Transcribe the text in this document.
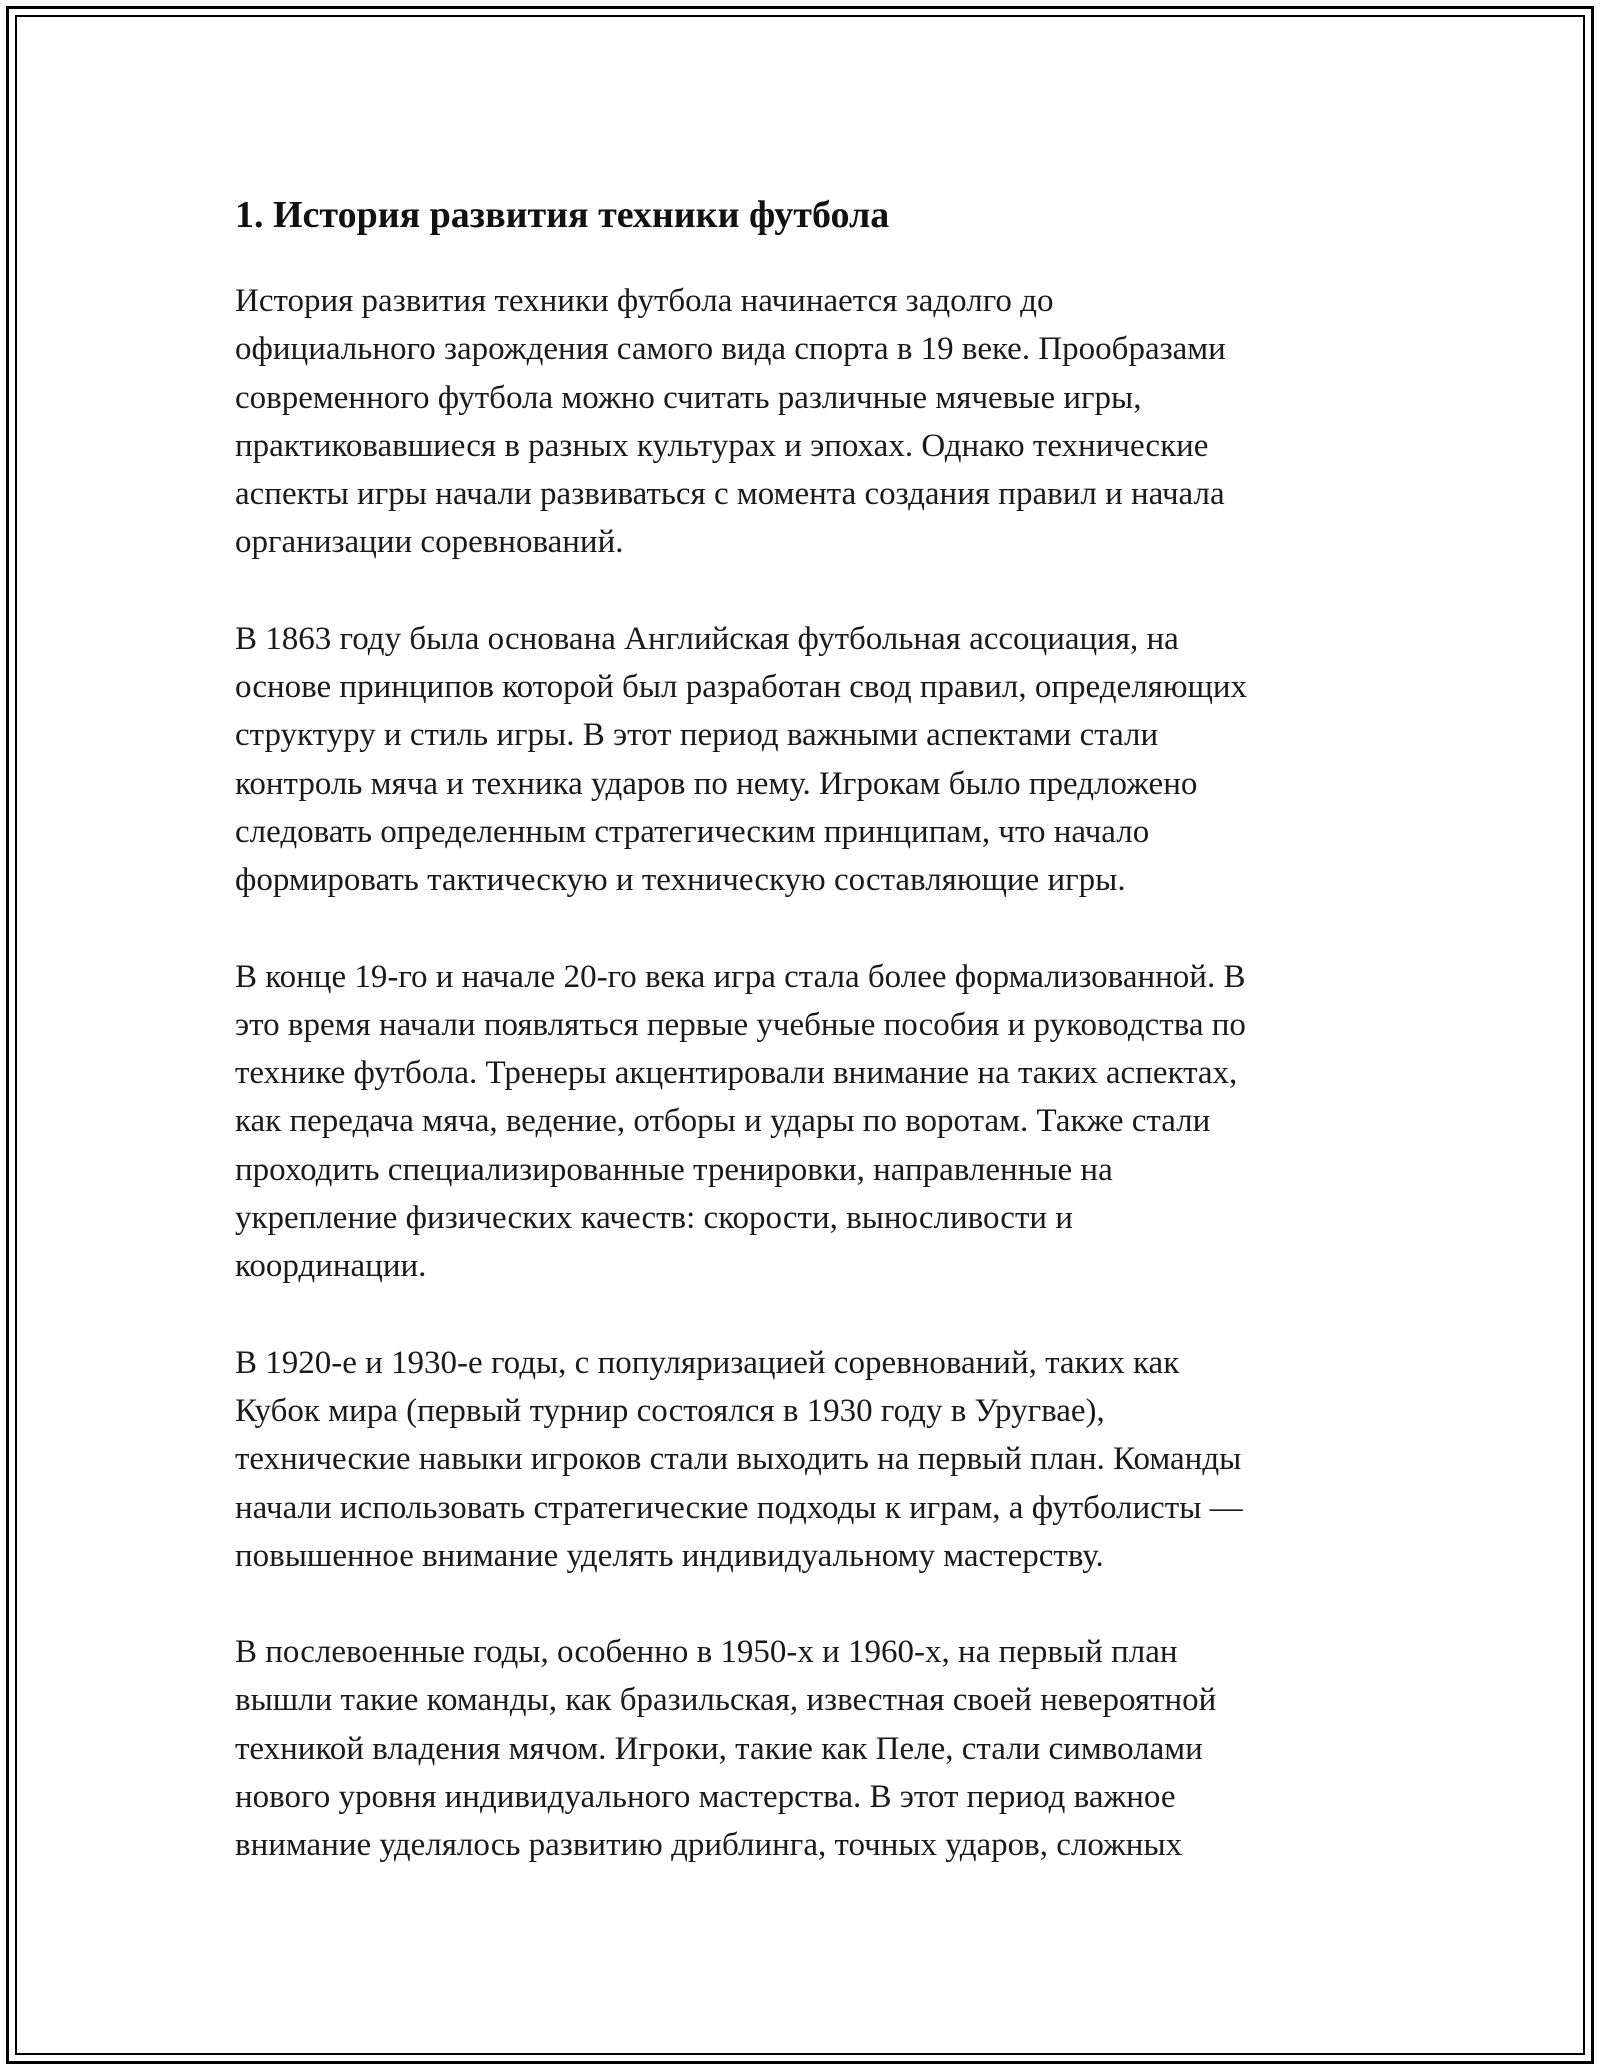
1. История развития техники футбола

История развития техники футбола начинается задолго до
официального зарождения самого вида спорта в 19 веке. Прообразами
современного футбола можно считать различные мячевые игры,
практиковавшиеся в разных культурах и эпохах. Однако технические
аспекты игры начали развиваться с момента создания правил и начала
организации соревнований.

В 1863 году была основана Английская футбольная ассоциация, на
основе принципов которой был разработан свод правил, определяющих
структуру и стиль игры. В этот период важными аспектами стали
контроль мяча и техника ударов по нему. Игрокам было предложено
следовать определенным стратегическим принципам, что начало
формировать тактическую и техническую составляющие игры.

В конце 19-го и начале 20-го века игра стала более формализованной. В
это время начали появляться первые учебные пособия и руководства по
технике футбола. Тренеры акцентировали внимание на таких аспектах,
как передача мяча, ведение, отборы и удары по воротам. Также стали
проходить специализированные тренировки, направленные на
укрепление физических качеств: скорости, выносливости и
координации.

В 1920-е и 1930-е годы, с популяризацией соревнований, таких как
Кубок мира (первый турнир состоялся в 1930 году в Уругвае),
технические навыки игроков стали выходить на первый план. Команды
начали использовать стратегические подходы к играм, а футболисты —
повышенное внимание уделять индивидуальному мастерству.

В послевоенные годы, особенно в 1950-х и 1960-х, на первый план
вышли такие команды, как бразильская, известная своей невероятной
техникой владения мячом. Игроки, такие как Пеле, стали символами
нового уровня индивидуального мастерства. В этот период важное
внимание уделялось развитию дриблинга, точных ударов, сложных
